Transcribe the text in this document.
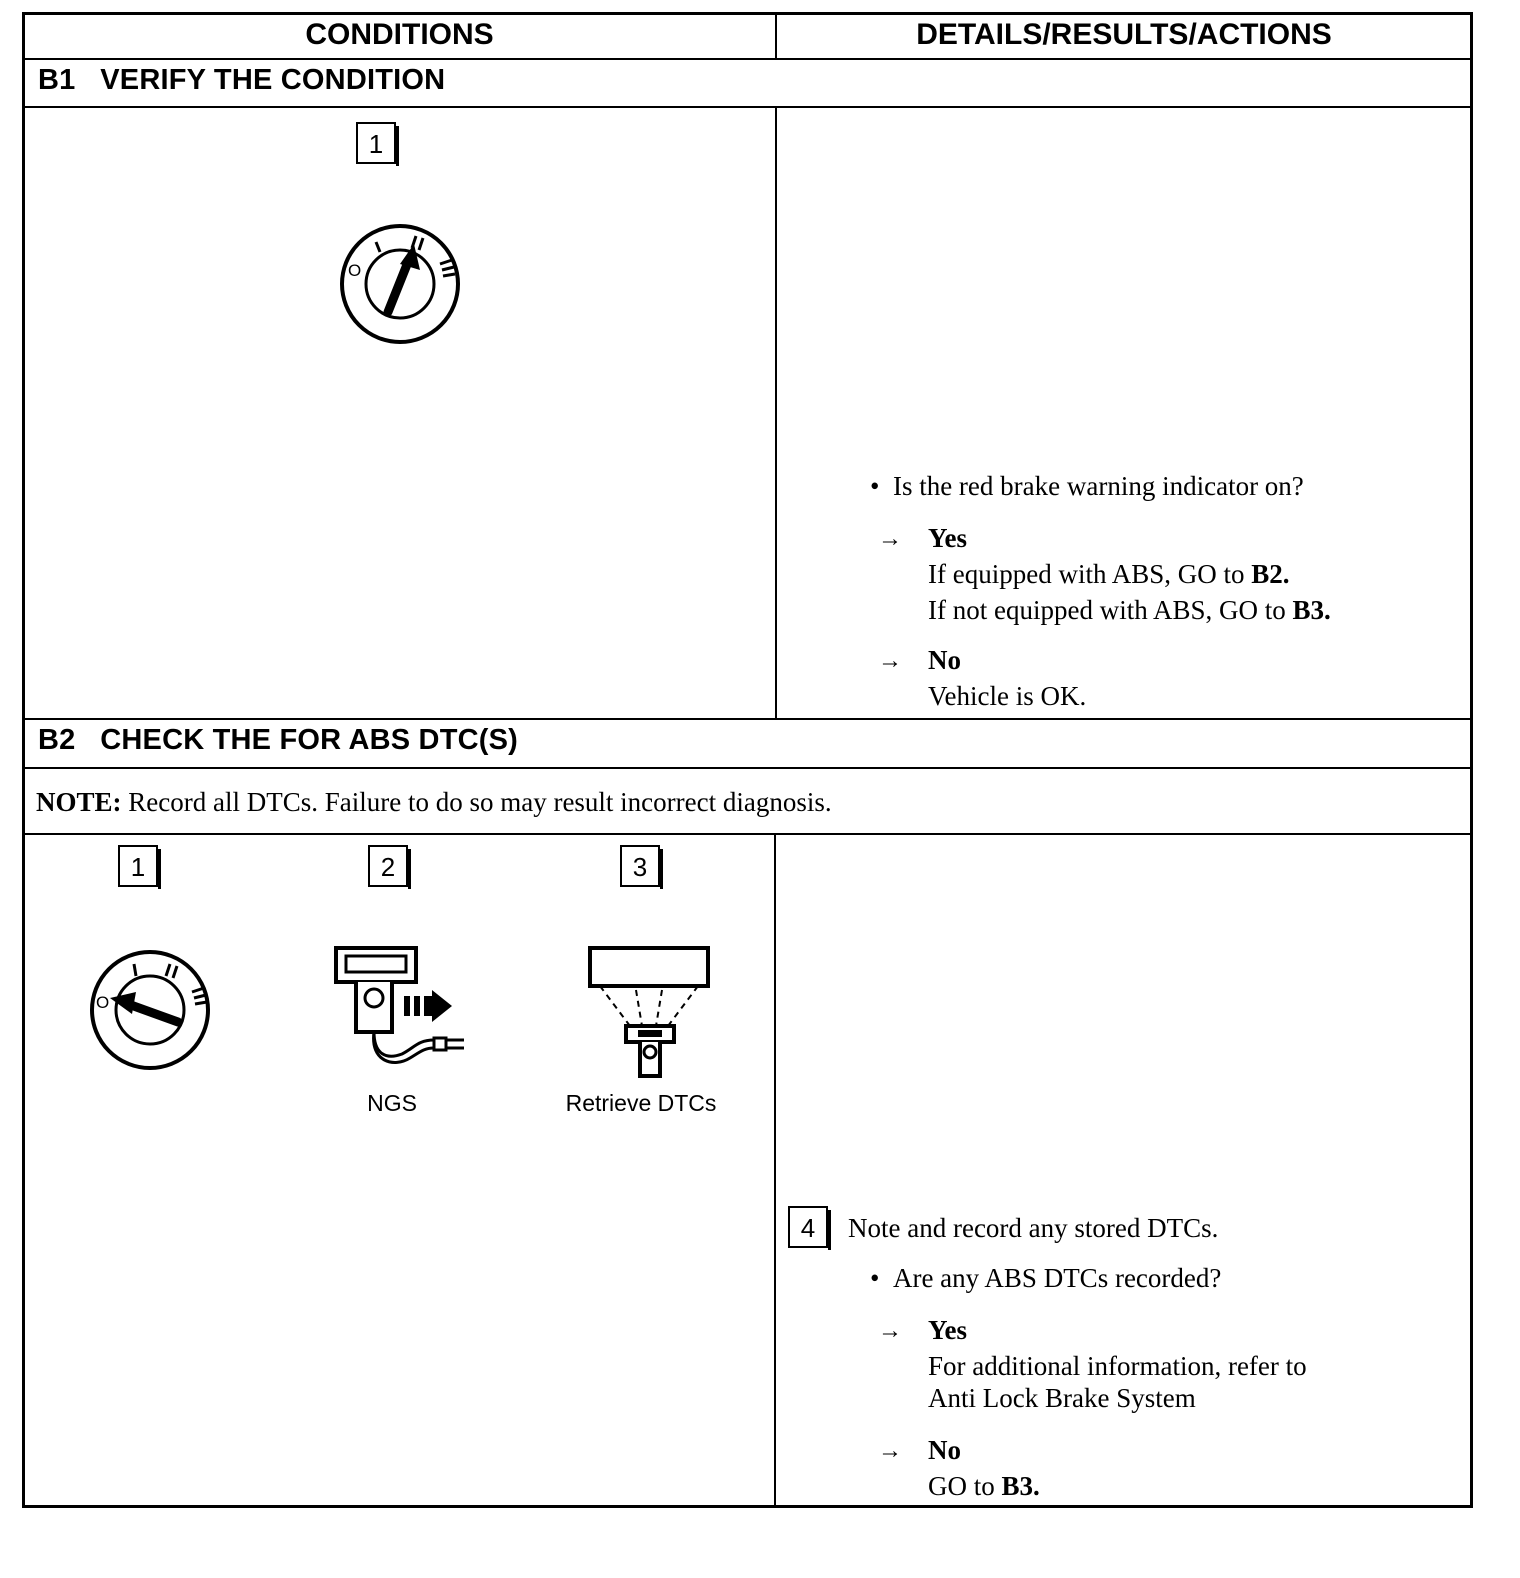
CONDITIONS	DETAILS/RESULTS/ACTIONS
B1   VERIFY THE CONDITION
1
O
•  Is the red brake warning indicator on?
→ Yes
If equipped with ABS, GO to B2.
If not equipped with ABS, GO to B3.
→ No
Vehicle is OK.
B2   CHECK THE FOR ABS DTC(S)
NOTE: Record all DTCs. Failure to do so may result incorrect diagnosis.
1	2	3
O
NGS	Retrieve DTCs
4	Note and record any stored DTCs.
•  Are any ABS DTCs recorded?
→ Yes
For additional information, refer to
Anti Lock Brake System
→ No
GO to B3.
